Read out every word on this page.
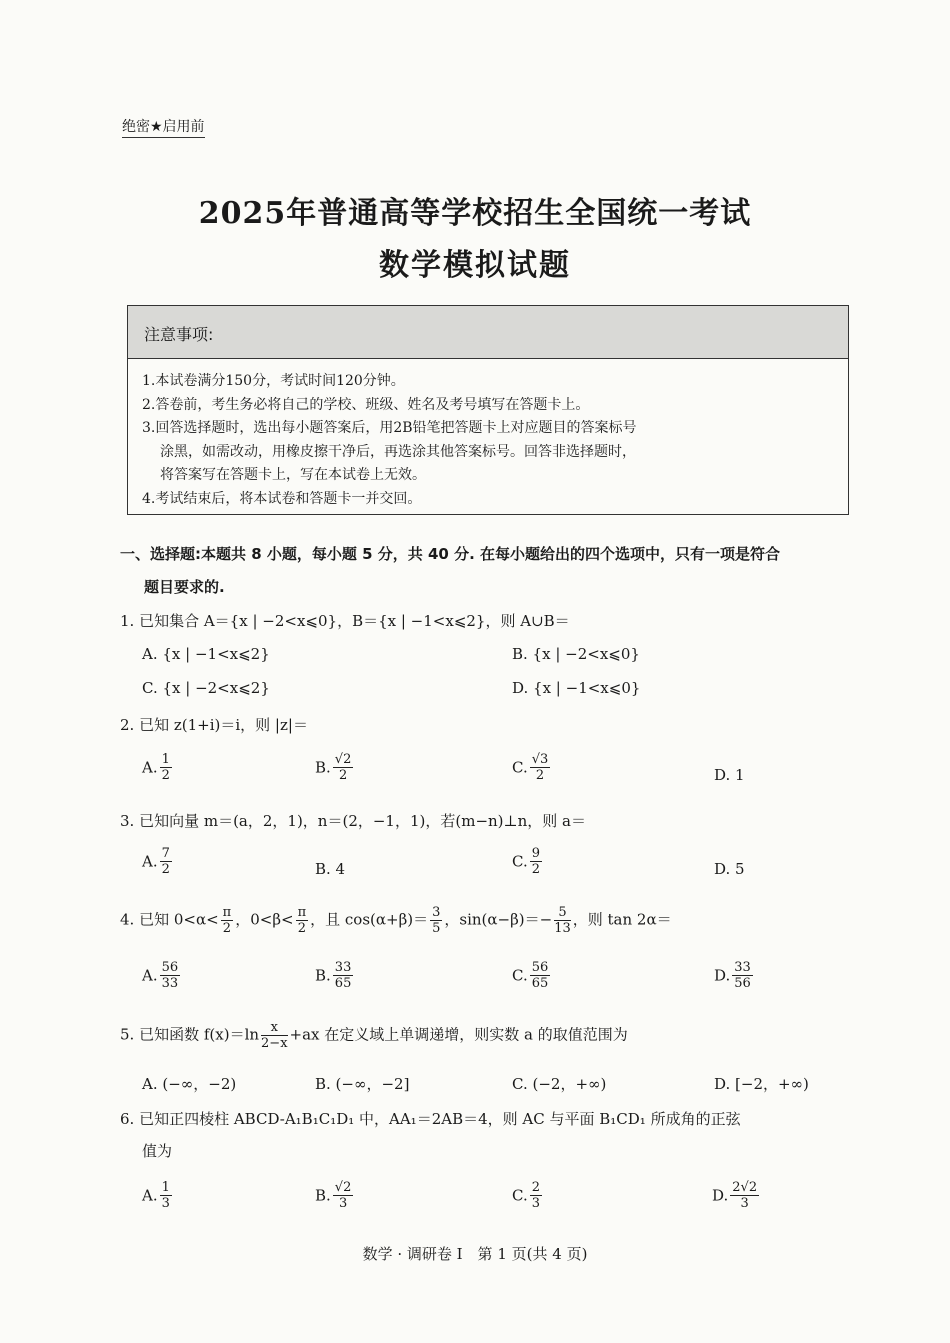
绝密★启用前
2025年普通高等学校招生全国统一考试
数学模拟试题
注意事项:
1.本试卷满分150分，考试时间120分钟。
2.答卷前，考生务必将自己的学校、班级、姓名及考号填写在答题卡上。
3.回答选择题时，选出每小题答案后，用2B铅笔把答题卡上对应题目的答案标号
涂黑，如需改动，用橡皮擦干净后，再选涂其他答案标号。回答非选择题时，
将答案写在答题卡上，写在本试卷上无效。
4.考试结束后，将本试卷和答题卡一并交回。
一、选择题:本题共 8 小题，每小题 5 分，共 40 分. 在每小题给出的四个选项中，只有一项是符合
题目要求的.
1. 已知集合 A＝{x | −2<x⩽0}，B＝{x | −1<x⩽2}，则 A∪B＝
A. {x | −1<x⩽2}	B. {x | −2<x⩽0}
C. {x | −2<x⩽2}	D. {x | −1<x⩽0}
2. 已知 z(1+i)＝i，则 |z|＝
A. $\frac{1}{2}$	B. $\frac{√2}{2}$	C. $\frac{√3}{2}$	D. 1
3. 已知向量 m＝(a，2，1)，n＝(2，−1，1)，若(m−n)⊥n，则 a＝
A. $\frac{7}{2}$	B. 4	C. $\frac{9}{2}$	D. 5
4. 已知 $0<\alpha< \frac{\pi}{2}$ ，$0<\beta< \frac{\pi}{2}$ ，且 $\cos(\alpha+\beta)= \frac{3}{5}$ ，$\sin(\alpha-\beta)=- \frac{5}{13}$ ，则 tan 2α＝
A. $\frac{56}{33}$	B. $\frac{33}{65}$	C. $\frac{56}{65}$	D. $\frac{33}{56}$
5. 已知函数 $f(x)=\ln \frac{x}{2-x} +ax$ 在定义域上单调递增，则实数 a 的取值范围为
A. (−∞，−2)	B. (−∞，−2]	C. (−2，+∞)	D. [−2，+∞)
6. 已知正四棱柱 ABCD-A₁B₁C₁D₁ 中，AA₁＝2AB＝4，则 AC 与平面 B₁CD₁ 所成角的正弦
值为
A. $\frac{1}{3}$	B. $\frac{√2}{3}$	C. $\frac{2}{3}$	D. $\frac{2√2}{3}$
数学 · 调研卷 I　第 1 页(共 4 页)
